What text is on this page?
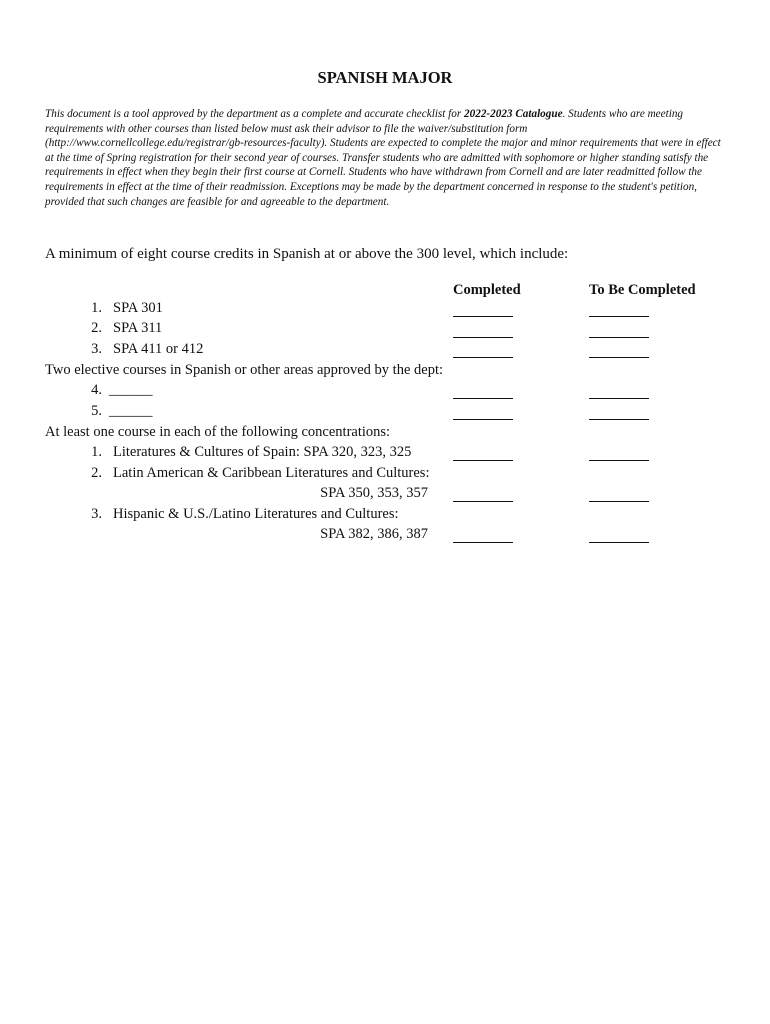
SPANISH MAJOR

This document is a tool approved by the department as a complete and accurate checklist for 2022-2023 Catalogue. Students who are meeting requirements with other courses than listed below must ask their advisor to file the waiver/substitution form (http://www.cornellcollege.edu/registrar/gb-resources-faculty). Students are expected to complete the major and minor requirements that were in effect at the time of Spring registration for their second year of courses. Transfer students who are admitted with sophomore or higher standing satisfy the requirements in effect when they begin their first course at Cornell. Students who have withdrawn from Cornell and are later readmitted follow the requirements in effect at the time of their readmission. Exceptions may be made by the department concerned in response to the student's petition, provided that such changes are feasible for and agreeable to the department.

A minimum of eight course credits in Spanish at or above the 300 level, which include:

Completed	To Be Completed
1. SPA 301
2. SPA 311
3. SPA 411 or 412
Two elective courses in Spanish or other areas approved by the dept:
4. ______
5. ______
At least one course in each of the following concentrations:
1. Literatures & Cultures of Spain: SPA 320, 323, 325
2. Latin American & Caribbean Literatures and Cultures:
SPA 350, 353, 357
3. Hispanic & U.S./Latino Literatures and Cultures:
SPA 382, 386, 387
